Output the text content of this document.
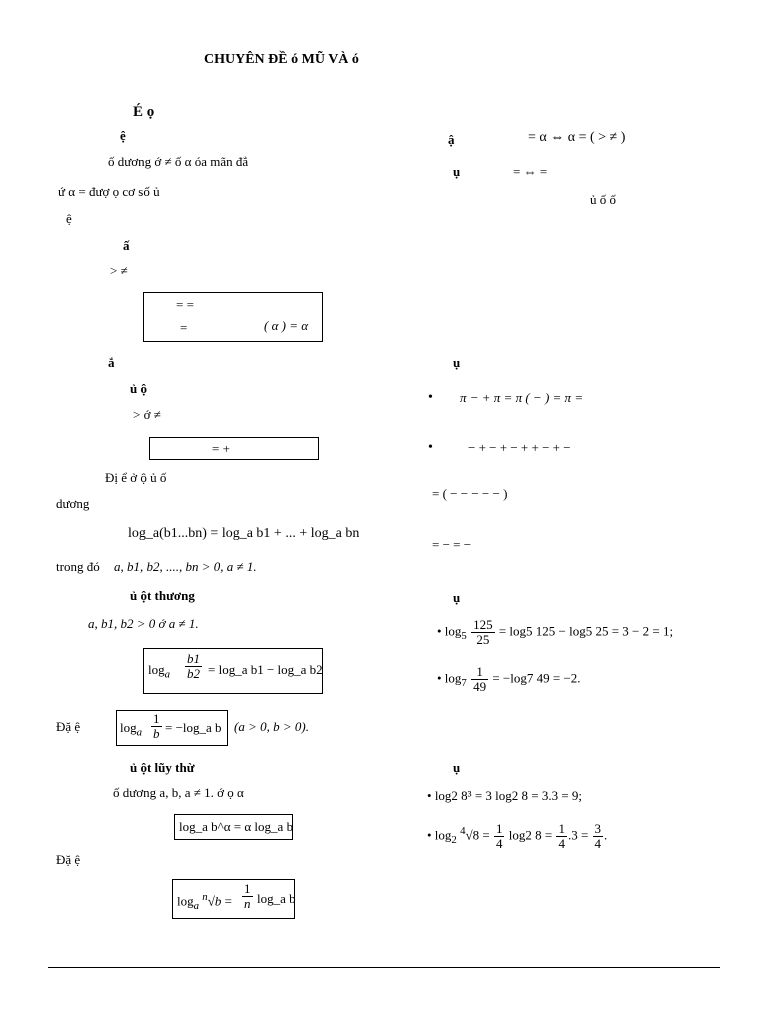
CHUYÊN ĐỀ ó MŨ VÀ ó
É ọ
ệ
ố dương ớ ≠ ố α óa mãn đẳ
ứ α = đượ ọ cơ số ủ
ệ
ấ
> ≠
= =
=	( α ) = α
ắ
ủ ộ
> ớ ≠
= +
Đị ể ở ộ ủ ố
dương
log_a(b1...bn) = log_a b1 + ... + log_a bn
trong đó a, b1, b2, ...., bn > 0, a ≠ 1.
ủ ột thương
a, b1, b2 > 0 ớ a ≠ 1.
$\log_a \frac{b1}{b2}$ = log_a b1 − log_a b2
Đặ ệ	$\log_a \frac{1}{b}$ = −log_a b (a > 0, b > 0).
ủ ột lũy thừ
ố dương a, b, a ≠ 1. ớ ọ α
log_a b^α = α log_a b
Đặ ệ
$\log_a ^n√b = \frac{1}{n}$ log_a b
ậ	= α ⇔ α = ( > ≠ )
ụ	= ⇔ =
ủ ố ố
ụ
• π − + π = π ( − ) = π =
•	− + − + − + + − + −
= ( − − − − − )
= − = −
ụ
• $\log_5 \frac{125}{25} = \log 5$ 125 − log5 25 = 3 − 2 = 1;
• $\log_7 \frac{1}{49} = -\log 7$ 49 = −2.
ụ
• log2 8³ = 3 log2 8 = 3.3 = 9;
• $\log_2 ^4√8 = \frac{1}{4} \log 2$ $8 = \frac{1}{4} .3 = \frac{3}{4}$ .
